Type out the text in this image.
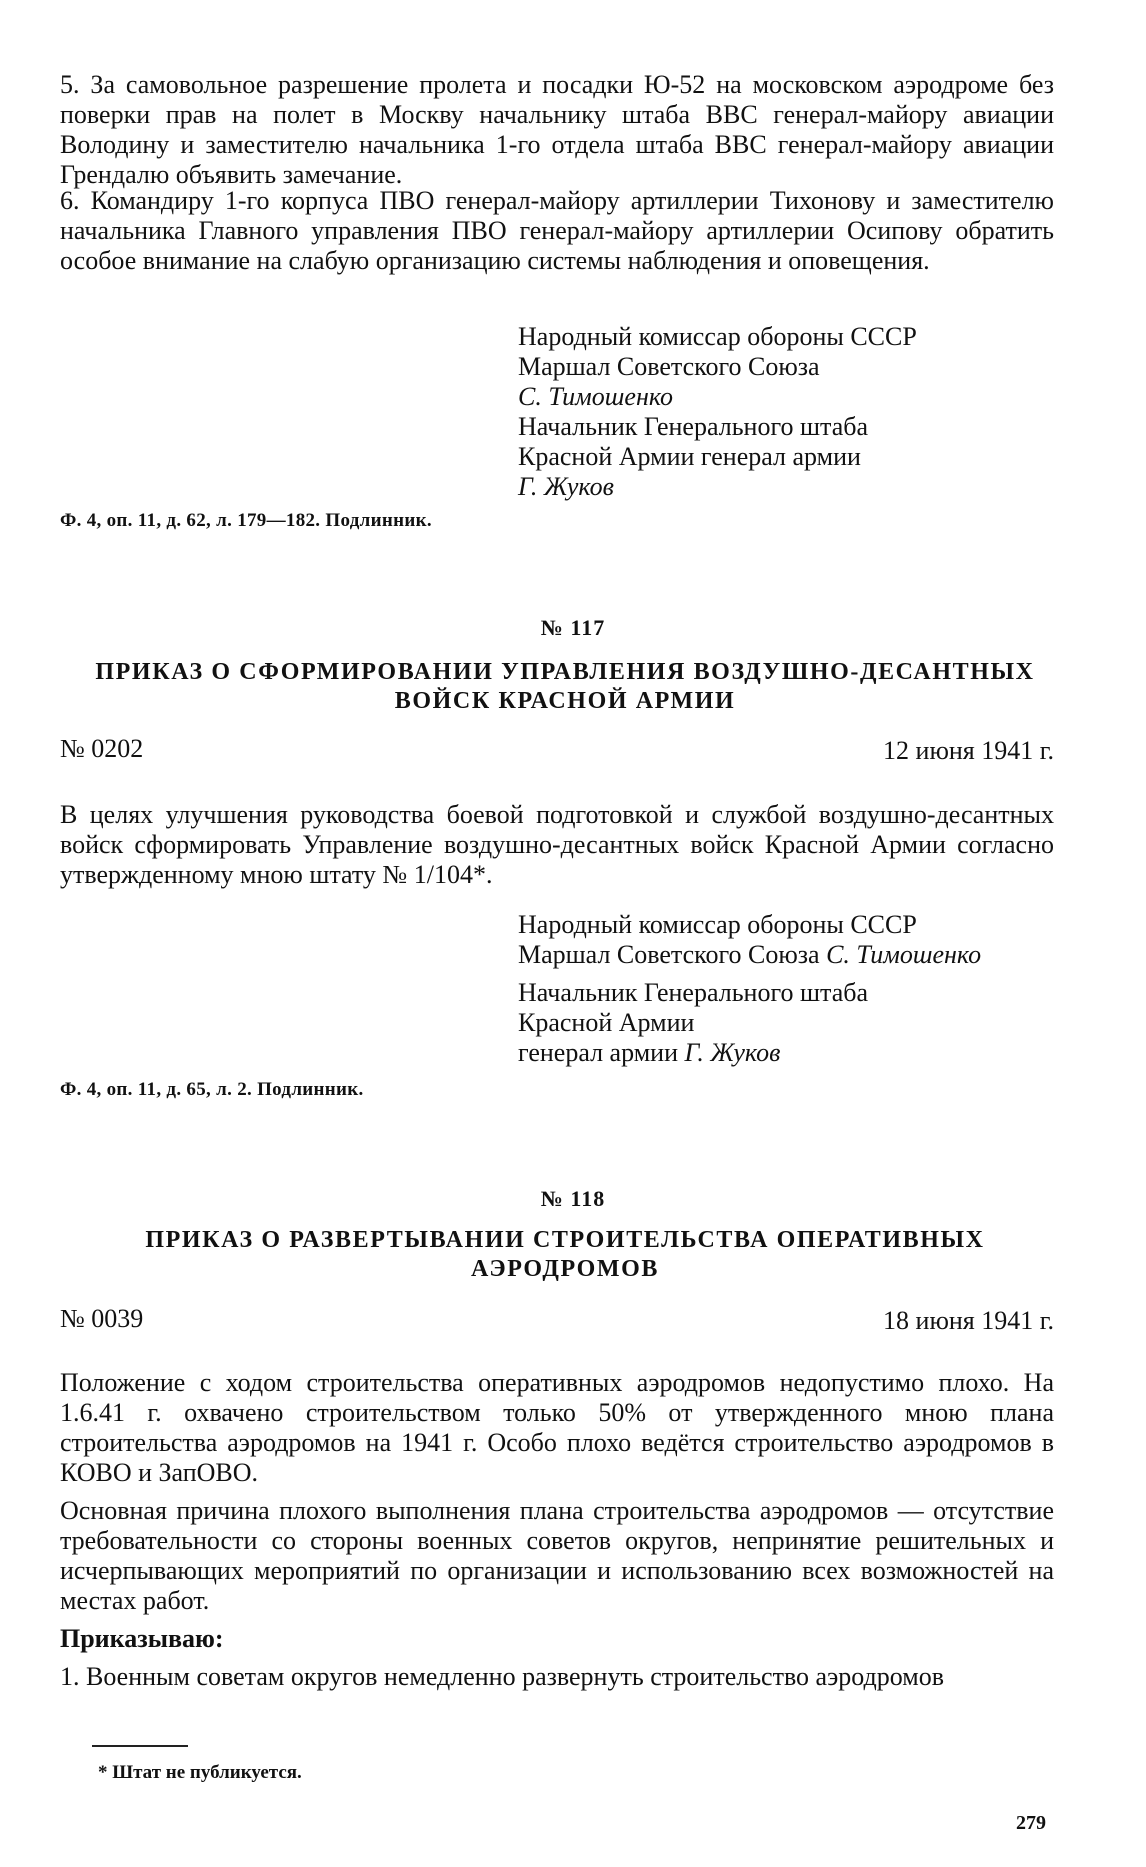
5. За самовольное разрешение пролета и посадки Ю-52 на московском аэродроме без поверки прав на полет в Москву начальнику штаба ВВС генерал-майору авиации Володину и заместителю начальника 1-го отдела штаба ВВС генерал-майору авиации Грендалю объявить замечание.

6. Командиру 1-го корпуса ПВО генерал-майору артиллерии Тихонову и заместителю начальника Главного управления ПВО генерал-майору артиллерии Осипову обратить особое внимание на слабую организацию системы наблюдения и оповещения.

Народный комиссар обороны СССР
Маршал Советского Союза
С. Тимошенко
Начальник Генерального штаба
Красной Армии генерал армии
Г. Жуков
Ф. 4, оп. 11, д. 62, л. 179—182. Подлинник.
№ 117
ПРИКАЗ О СФОРМИРОВАНИИ УПРАВЛЕНИЯ ВОЗДУШНО-ДЕСАНТНЫХ
ВОЙСК КРАСНОЙ АРМИИ
№ 0202	12 июня 1941 г.

В целях улучшения руководства боевой подготовкой и службой воздушно-десантных войск сформировать Управление воздушно-десантных войск Красной Армии согласно утвержденному мною штату № 1/104*.

Народный комиссар обороны СССР
Маршал Советского Союза С. Тимошенко
Начальник Генерального штаба
Красной Армии
генерал армии Г. Жуков
Ф. 4, оп. 11, д. 65, л. 2. Подлинник.
№ 118
ПРИКАЗ О РАЗВЕРТЫВАНИИ СТРОИТЕЛЬСТВА ОПЕРАТИВНЫХ
АЭРОДРОМОВ
№ 0039	18 июня 1941 г.

Положение с ходом строительства оперативных аэродромов недопустимо плохо. На 1.6.41 г. охвачено строительством только 50% от утвержденного мною плана строительства аэродромов на 1941 г. Особо плохо ведётся строительство аэродромов в КОВО и ЗапОВО.

Основная причина плохого выполнения плана строительства аэродромов — отсутствие требовательности со стороны военных советов округов, непринятие решительных и исчерпывающих мероприятий по организации и использованию всех возможностей на местах работ.

Приказываю:

1. Военным советам округов немедленно развернуть строительство аэродромов

* Штат не публикуется.
279
